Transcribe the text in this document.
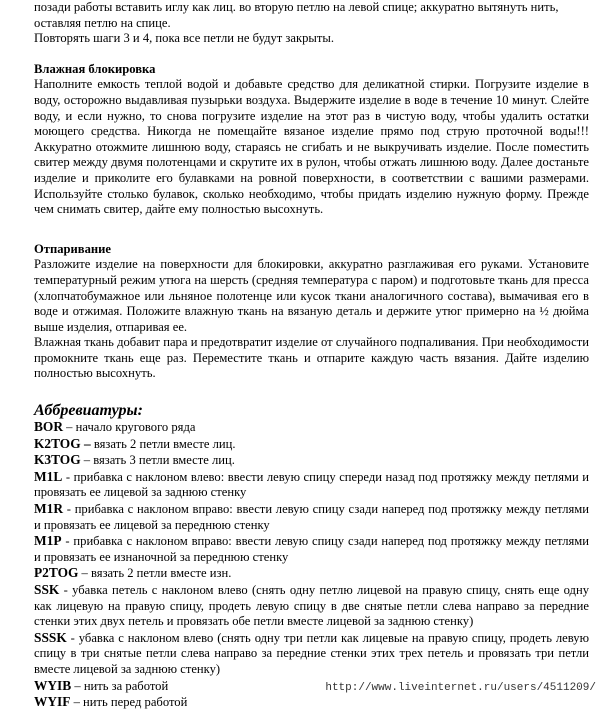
позади работы вставить иглу как лиц. во вторую петлю на левой спице; аккуратно вытянуть нить,

оставляя петлю на спице.

Повторять шаги 3 и 4, пока все петли не будут закрыты.

Влажная блокировка

Наполните емкость теплой водой и добавьте средство для деликатной стирки. Погрузите изделие в воду, осторожно выдавливая пузырьки воздуха. Выдержите изделие в воде в течение 10 минут. Слейте воду, и если нужно, то снова погрузите изделие на этот раз в чистую воду, чтобы удалить остатки моющего средства. Никогда не помещайте вязаное изделие прямо под струю проточной воды!!! Аккуратно отожмите лишнюю воду, стараясь не сгибать и не выкручивать изделие. После поместить свитер между двумя полотенцами и скрутите их в рулон, чтобы отжать лишнюю воду. Далее достаньте изделие и приколите его булавками на ровной поверхности, в соответствии с вашими размерами. Используйте столько булавок, сколько необходимо, чтобы придать изделию нужную форму. Прежде чем снимать свитер, дайте ему полностью высохнуть.

Отпаривание

Разложите изделие на поверхности для блокировки, аккуратно разглаживая его руками. Установите температурный режим утюга на шерсть (средняя температура с паром) и подготовьте ткань для пресса (хлопчатобумажное или льняное полотенце или кусок ткани аналогичного состава), вымачивая его в воде и отжимая. Положите влажную ткань на вязаную деталь и держите утюг примерно на ½ дюйма выше изделия, отпаривая ее.

Влажная ткань добавит пара и предотвратит изделие от случайного подпаливания. При необходимости промокните ткань еще раз. Переместите ткань и отпарите каждую часть вязания. Дайте изделию полностью высохнуть.

Аббревиатуры:

BOR – начало кругового ряда

K2TOG – вязать 2 петли вместе лиц.

K3TOG – вязать 3 петли вместе лиц.

M1L - прибавка с наклоном влево: ввести левую спицу спереди назад под протяжку между петлями и провязать ее лицевой за заднюю стенку

M1R - прибавка с наклоном вправо: ввести левую спицу сзади наперед под протяжку между петлями и провязать ее лицевой за переднюю стенку

M1P - прибавка с наклоном вправо: ввести левую спицу сзади наперед под протяжку между петлями и провязать ее изнаночной за переднюю стенку

P2TOG – вязать 2 петли вместе изн.

SSK - убавка петель с наклоном влево (снять одну петлю лицевой на правую спицу, снять еще одну как лицевую на правую спицу, продеть левую спицу в две снятые петли слева направо за передние стенки этих двух петель и провязать обе петли вместе лицевой за заднюю стенку)

SSSK - убавка с наклоном влево (снять одну три петли как лицевые на правую спицу, продеть левую спицу в три снятые петли слева направо за передние стенки этих трех петель и провязать три петли вместе лицевой за заднюю стенку)

WYIB – нить за работой

WYIF – нить перед работой

http://www.liveinternet.ru/users/4511209/
